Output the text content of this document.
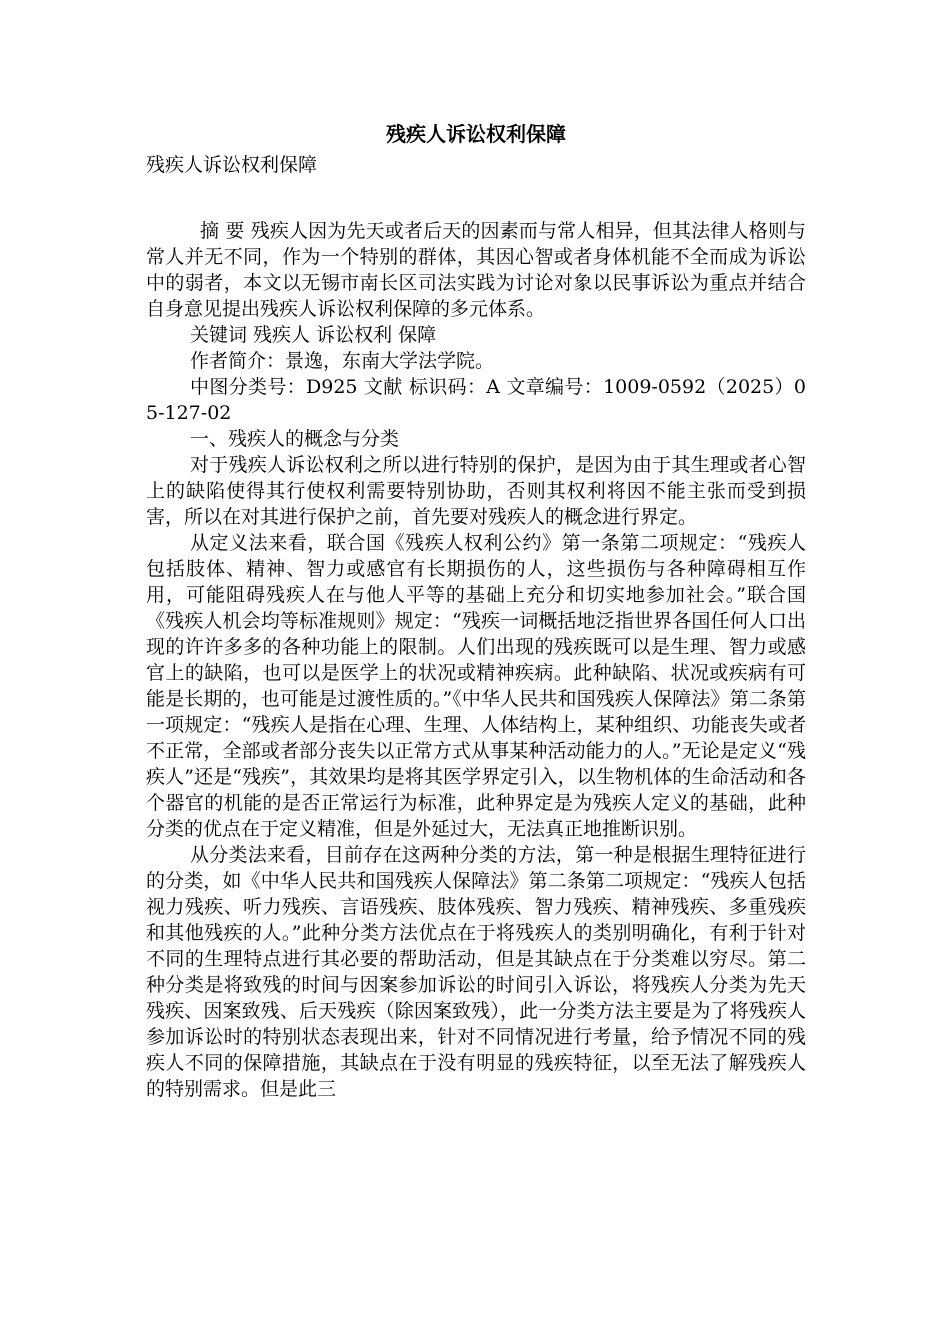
残疾人诉讼权利保障
残疾人诉讼权利保障

摘 要 残疾人因为先天或者后天的因素而与常人相异，但其法律人格则与常人并无不同，作为一个特别的群体，其因心智或者身体机能不全而成为诉讼中的弱者，本文以无锡市南长区司法实践为讨论对象以民事诉讼为重点并结合自身意见提出残疾人诉讼权利保障的多元体系。

关键词 残疾人 诉讼权利 保障

作者简介：景逸，东南大学法学院。

中图分类号：D925 文献 标识码：A 文章编号：1009-0592（2025）05-127-02

一、残疾人的概念与分类

对于残疾人诉讼权利之所以进行特别的保护，是因为由于其生理或者心智上的缺陷使得其行使权利需要特别协助，否则其权利将因不能主张而受到损害，所以在对其进行保护之前，首先要对残疾人的概念进行界定。

从定义法来看，联合国《残疾人权利公约》第一条第二项规定：“残疾人包括肢体、精神、智力或感官有长期损伤的人，这些损伤与各种障碍相互作用，可能阻碍残疾人在与他人平等的基础上充分和切实地参加社会。”联合国《残疾人机会均等标准规则》规定：“残疾一词概括地泛指世界各国任何人口出现的许许多多的各种功能上的限制。人们出现的残疾既可以是生理、智力或感官上的缺陷，也可以是医学上的状况或精神疾病。此种缺陷、状况或疾病有可能是长期的，也可能是过渡性质的。”《中华人民共和国残疾人保障法》第二条第一项规定：“残疾人是指在心理、生理、人体结构上，某种组织、功能丧失或者不正常，全部或者部分丧失以正常方式从事某种活动能力的人。”无论是定义“残疾人”还是“残疾”，其效果均是将其医学界定引入，以生物机体的生命活动和各个器官的机能的是否正常运行为标准，此种界定是为残疾人定义的基础，此种分类的优点在于定义精准，但是外延过大，无法真正地推断识别。

从分类法来看，目前存在这两种分类的方法，第一种是根据生理特征进行的分类，如《中华人民共和国残疾人保障法》第二条第二项规定：“残疾人包括视力残疾、听力残疾、言语残疾、肢体残疾、智力残疾、精神残疾、多重残疾和其他残疾的人。”此种分类方法优点在于将残疾人的类别明确化，有利于针对不同的生理特点进行其必要的帮助活动，但是其缺点在于分类难以穷尽。第二种分类是将致残的时间与因案参加诉讼的时间引入诉讼，将残疾人分类为先天残疾、因案致残、后天残疾（除因案致残），此一分类方法主要是为了将残疾人参加诉讼时的特别状态表现出来，针对不同情况进行考量，给予情况不同的残疾人不同的保障措施，其缺点在于没有明显的残疾特征，以至无法了解残疾人的特别需求。但是此三
